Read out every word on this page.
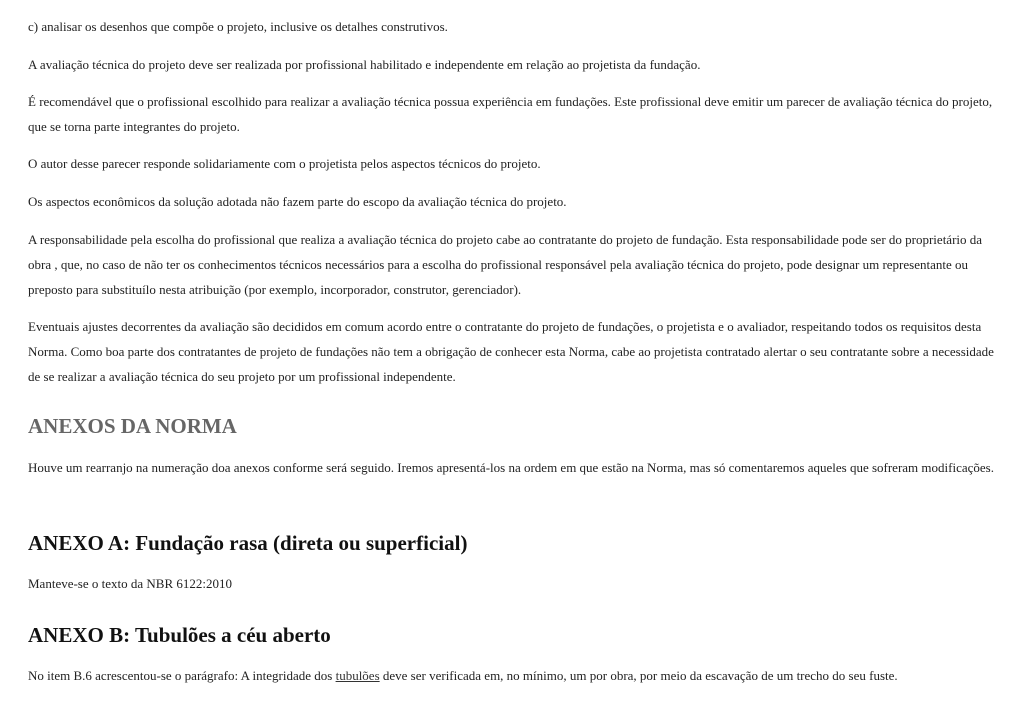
c) analisar os desenhos que compõe o projeto, inclusive os detalhes construtivos.

A avaliação técnica do projeto deve ser realizada por profissional habilitado e independente em relação ao projetista da fundação.

É recomendável que o profissional escolhido para realizar a avaliação técnica possua experiência em fundações. Este profissional deve emitir um parecer de avaliação técnica do projeto, que se torna parte integrantes do projeto.

O autor desse parecer responde solidariamente com o projetista pelos aspectos técnicos do projeto.

Os aspectos econômicos da solução adotada não fazem parte do escopo da avaliação técnica do projeto.

A responsabilidade pela escolha do profissional que realiza a avaliação técnica do projeto cabe ao contratante do projeto de fundação. Esta responsabilidade pode ser do proprietário da obra , que, no caso de não ter os conhecimentos técnicos necessários para a escolha do profissional responsável pela avaliação técnica do projeto, pode designar um representante ou preposto para substituílo nesta atribuição (por exemplo, incorporador, construtor, gerenciador).

Eventuais ajustes decorrentes da avaliação são decididos em comum acordo entre o contratante do projeto de fundações, o projetista e o avaliador, respeitando todos os requisitos desta Norma. Como boa parte dos contratantes de projeto de fundações não tem a obrigação de conhecer esta Norma, cabe ao projetista contratado alertar o seu contratante sobre a necessidade de se realizar a avaliação técnica do seu projeto por um profissional independente.

ANEXOS DA NORMA

Houve um rearranjo na numeração doa anexos conforme será seguido. Iremos apresentá-los na ordem em que estão na Norma, mas só comentaremos aqueles que sofreram modificações.

ANEXO A: Fundação rasa (direta ou superficial)

Manteve-se o texto da NBR 6122:2010

ANEXO B: Tubulões a céu aberto

No item B.6 acrescentou-se o parágrafo: A integridade dos tubulões deve ser verificada em, no mínimo, um por obra, por meio da escavação de um trecho do seu fuste.
